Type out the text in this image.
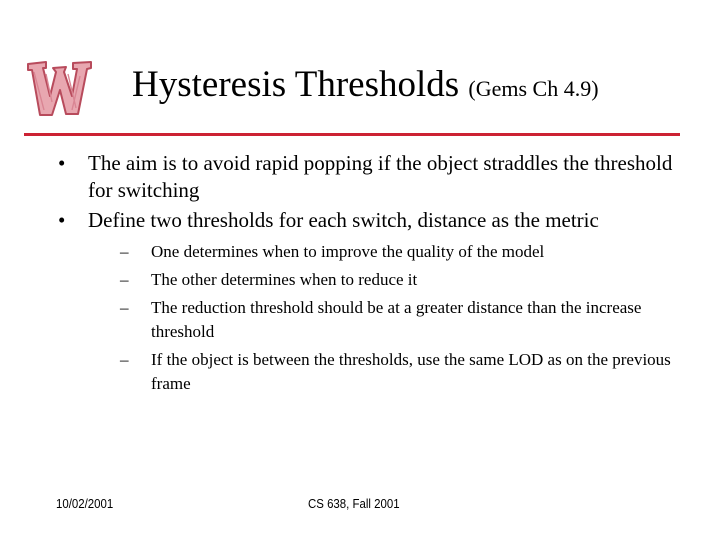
Hysteresis Thresholds (Gems Ch 4.9)
• The aim is to avoid rapid popping if the object straddles the threshold for switching
• Define two thresholds for each switch, distance as the metric
– One determines when to improve the quality of the model
– The other determines when to reduce it
– The reduction threshold should be at a greater distance than the increase threshold
– If the object is between the thresholds, use the same LOD as on the previous frame
10/02/2001	CS 638, Fall 2001
